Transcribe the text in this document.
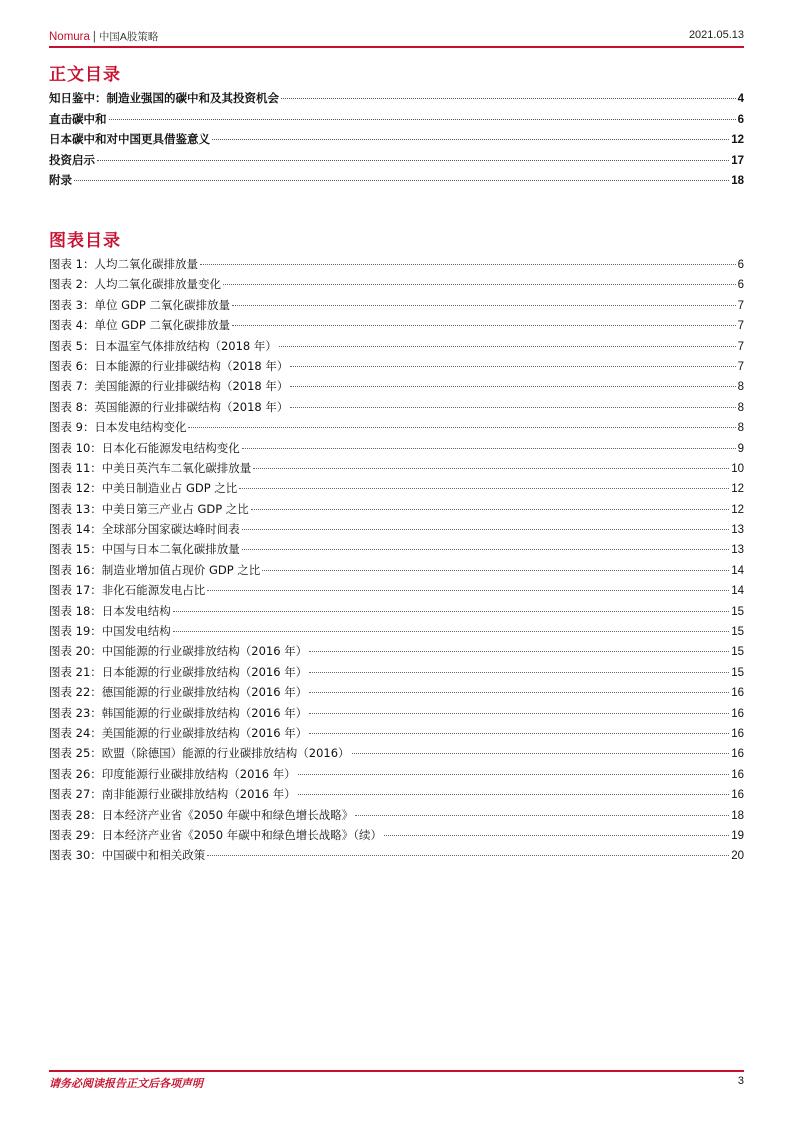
Nomura | 中国A股策略	2021.05.13
正文目录
知日鉴中：制造业强国的碳中和及其投资机会	4
直击碳中和	6
日本碳中和对中国更具借鉴意义	12
投资启示	17
附录	18
图表目录
图表 1：人均二氧化碳排放量	6
图表 2：人均二氧化碳排放量变化	6
图表 3：单位 GDP 二氧化碳排放量	7
图表 4：单位 GDP 二氧化碳排放量	7
图表 5：日本温室气体排放结构（2018 年）	7
图表 6：日本能源的行业排碳结构（2018 年）	7
图表 7：美国能源的行业排碳结构（2018 年）	8
图表 8：英国能源的行业排碳结构（2018 年）	8
图表 9：日本发电结构变化	8
图表 10：日本化石能源发电结构变化	9
图表 11：中美日英汽车二氧化碳排放量	10
图表 12：中美日制造业占 GDP 之比	12
图表 13：中美日第三产业占 GDP 之比	12
图表 14：全球部分国家碳达峰时间表	13
图表 15：中国与日本二氧化碳排放量	13
图表 16：制造业增加值占现价 GDP 之比	14
图表 17：非化石能源发电占比	14
图表 18：日本发电结构	15
图表 19：中国发电结构	15
图表 20：中国能源的行业碳排放结构（2016 年）	15
图表 21：日本能源的行业碳排放结构（2016 年）	15
图表 22：德国能源的行业碳排放结构（2016 年）	16
图表 23：韩国能源的行业碳排放结构（2016 年）	16
图表 24：美国能源的行业碳排放结构（2016 年）	16
图表 25：欧盟（除德国）能源的行业碳排放结构（2016）	16
图表 26：印度能源行业碳排放结构（2016 年）	16
图表 27：南非能源行业碳排放结构（2016 年）	16
图表 28：日本经济产业省《2050 年碳中和绿色增长战略》	18
图表 29：日本经济产业省《2050 年碳中和绿色增长战略》（续）	19
图表 30：中国碳中和相关政策	20
请务必阅读报告正文后各项声明	3
